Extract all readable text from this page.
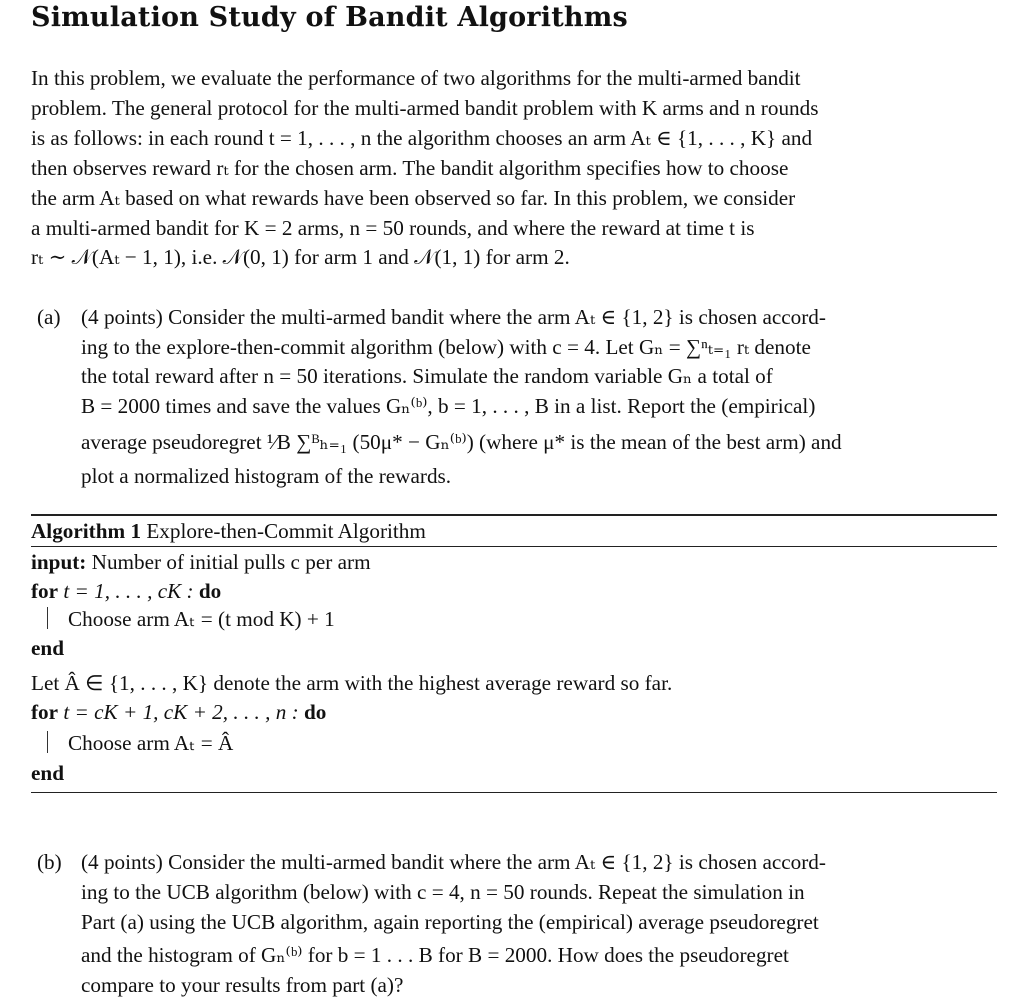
Simulation Study of Bandit Algorithms
In this problem, we evaluate the performance of two algorithms for the multi-armed bandit
problem. The general protocol for the multi-armed bandit problem with K arms and n rounds
is as follows: in each round t = 1, . . . , n the algorithm chooses an arm Aₜ ∈ {1, . . . , K} and
then observes reward rₜ for the chosen arm. The bandit algorithm specifies how to choose
the arm Aₜ based on what rewards have been observed so far. In this problem, we consider
a multi-armed bandit for K = 2 arms, n = 50 rounds, and where the reward at time t is
rₜ ∼ 𝒩(Aₜ − 1, 1), i.e. 𝒩(0, 1) for arm 1 and 𝒩(1, 1) for arm 2.
(a) (4 points) Consider the multi-armed bandit where the arm Aₜ ∈ {1, 2} is chosen accord-
ing to the explore-then-commit algorithm (below) with c = 4. Let Gₙ = ∑ⁿₜ₌₁ rₜ denote
the total reward after n = 50 iterations. Simulate the random variable Gₙ a total of
B = 2000 times and save the values Gₙ⁽ᵇ⁾, b = 1, . . . , B in a list. Report the (empirical)
average pseudoregret ¹⁄B ∑ᴮₕ₌₁ (50μ* − Gₙ⁽ᵇ⁾) (where μ* is the mean of the best arm) and
plot a normalized histogram of the rewards.
Algorithm 1 Explore-then-Commit Algorithm
input: Number of initial pulls c per arm
for t = 1, . . . , cK : do
Choose arm Aₜ = (t mod K) + 1
end
Let Â ∈ {1, . . . , K} denote the arm with the highest average reward so far.
for t = cK + 1, cK + 2, . . . , n : do
Choose arm Aₜ = Â
end
(b) (4 points) Consider the multi-armed bandit where the arm Aₜ ∈ {1, 2} is chosen accord-
ing to the UCB algorithm (below) with c = 4, n = 50 rounds. Repeat the simulation in
Part (a) using the UCB algorithm, again reporting the (empirical) average pseudoregret
and the histogram of Gₙ⁽ᵇ⁾ for b = 1 . . . B for B = 2000. How does the pseudoregret
compare to your results from part (a)?
